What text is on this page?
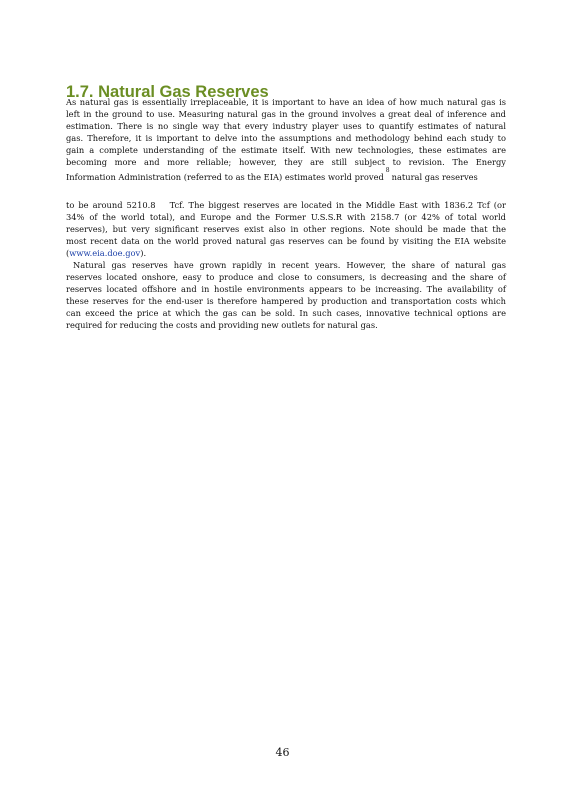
1.7. Natural Gas Reserves
As natural gas is essentially irreplaceable, it is important to have an idea of how much natural gas is
left in the ground to use. Measuring natural gas in the ground involves a great deal of inference and
estimation. There is no single way that every industry player uses to quantify estimates of natural
gas. Therefore, it is important to delve into the assumptions and methodology behind each study to
gain a complete understanding of the estimate itself. With new technologies, these estimates are
becoming more and more reliable; however, they are still subject to revision. The Energy
Information Administration (referred to as the EIA) estimates world proved$^8$natural gas reserves
to be around 5210.8 Tcf. The biggest reserves are located in the Middle East with 1836.2 Tcf (or
34% of the world total), and Europe and the Former U.S.S.R with 2158.7 (or 42% of total world
reserves), but very significant reserves exist also in other regions. Note should be made that the
most recent data on the world proved natural gas reserves can be found by visiting the EIA website
(www.eia.doe.gov).
Natural gas reserves have grown rapidly in recent years. However, the share of natural gas
reserves located onshore, easy to produce and close to consumers, is decreasing and the share of
reserves located offshore and in hostile environments appears to be increasing. The availability of
these reserves for the end-user is therefore hampered by production and transportation costs which
can exceed the price at which the gas can be sold. In such cases, innovative technical options are
required for reducing the costs and providing new outlets for natural gas.
46
